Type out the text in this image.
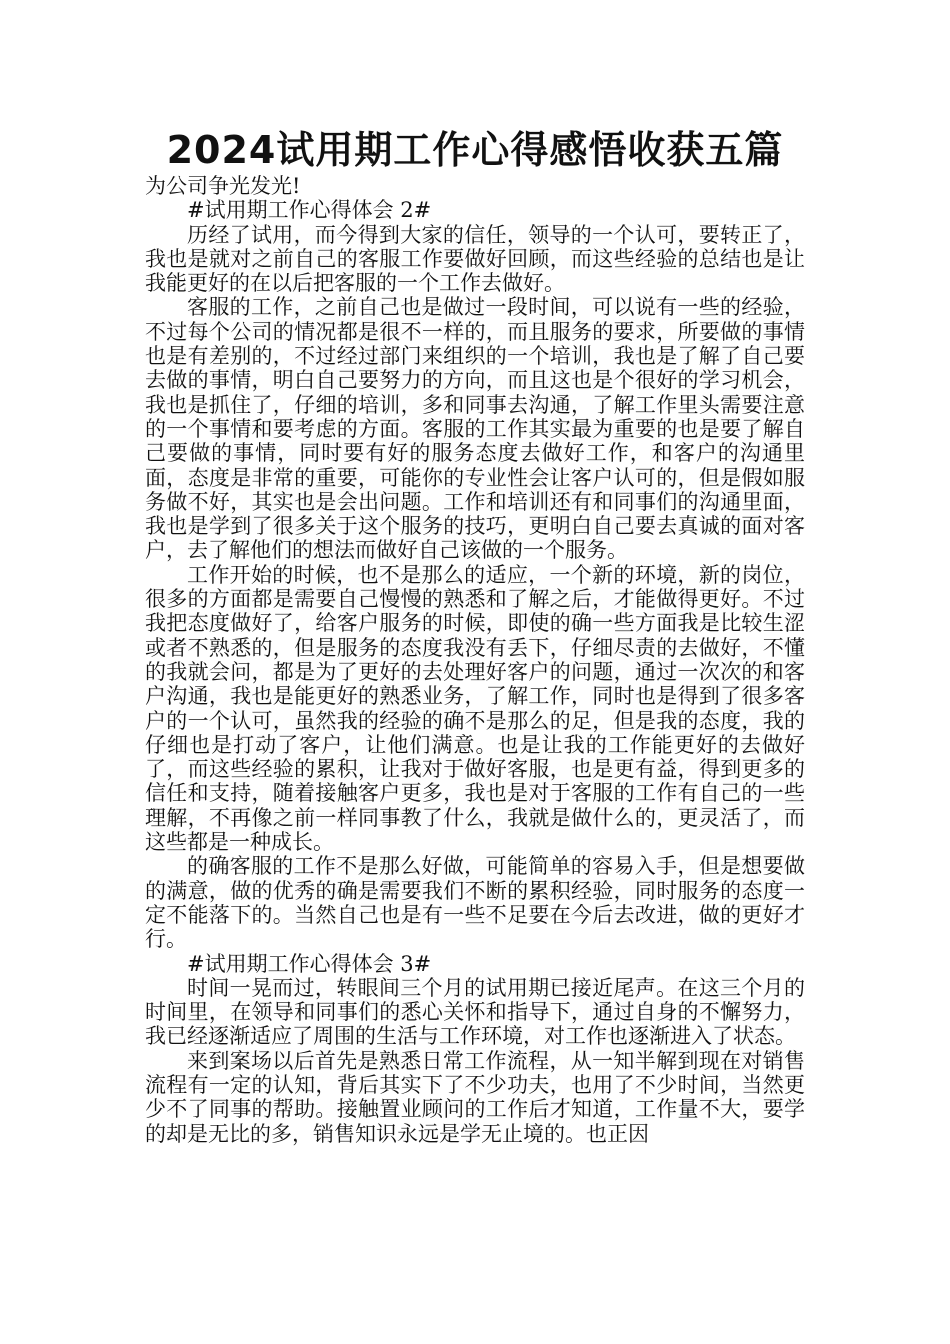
2024试用期工作心得感悟收获五篇

为公司争光发光!

#试用期工作心得体会 2#

历经了试用，而今得到大家的信任，领导的一个认可，要转正了，我也是就对之前自己的客服工作要做好回顾，而这些经验的总结也是让我能更好的在以后把客服的一个工作去做好。

客服的工作，之前自己也是做过一段时间，可以说有一些的经验，不过每个公司的情况都是很不一样的，而且服务的要求，所要做的事情也是有差别的，不过经过部门来组织的一个培训，我也是了解了自己要去做的事情，明白自己要努力的方向，而且这也是个很好的学习机会，我也是抓住了，仔细的培训，多和同事去沟通，了解工作里头需要注意的一个事情和要考虑的方面。客服的工作其实最为重要的也是要了解自己要做的事情，同时要有好的服务态度去做好工作，和客户的沟通里面，态度是非常的重要，可能你的专业性会让客户认可的，但是假如服务做不好，其实也是会出问题。工作和培训还有和同事们的沟通里面，我也是学到了很多关于这个服务的技巧，更明白自己要去真诚的面对客户，去了解他们的想法而做好自己该做的一个服务。

工作开始的时候，也不是那么的适应，一个新的环境，新的岗位，很多的方面都是需要自己慢慢的熟悉和了解之后，才能做得更好。不过我把态度做好了，给客户服务的时候，即使的确一些方面我是比较生涩或者不熟悉的，但是服务的态度我没有丢下，仔细尽责的去做好，不懂的我就会问，都是为了更好的去处理好客户的问题，通过一次次的和客户沟通，我也是能更好的熟悉业务，了解工作，同时也是得到了很多客户的一个认可，虽然我的经验的确不是那么的足，但是我的态度，我的仔细也是打动了客户，让他们满意。也是让我的工作能更好的去做好了，而这些经验的累积，让我对于做好客服，也是更有益，得到更多的信任和支持，随着接触客户更多，我也是对于客服的工作有自己的一些理解，不再像之前一样同事教了什么，我就是做什么的，更灵活了，而这些都是一种成长。

的确客服的工作不是那么好做，可能简单的容易入手，但是想要做的满意，做的优秀的确是需要我们不断的累积经验，同时服务的态度一定不能落下的。当然自己也是有一些不足要在今后去改进，做的更好才行。

#试用期工作心得体会 3#

时间一晃而过，转眼间三个月的试用期已接近尾声。在这三个月的时间里，在领导和同事们的悉心关怀和指导下，通过自身的不懈努力，我已经逐渐适应了周围的生活与工作环境，对工作也逐渐进入了状态。

来到案场以后首先是熟悉日常工作流程，从一知半解到现在对销售流程有一定的认知，背后其实下了不少功夫，也用了不少时间，当然更少不了同事的帮助。接触置业顾问的工作后才知道，工作量不大，要学的却是无比的多，销售知识永远是学无止境的。也正因
